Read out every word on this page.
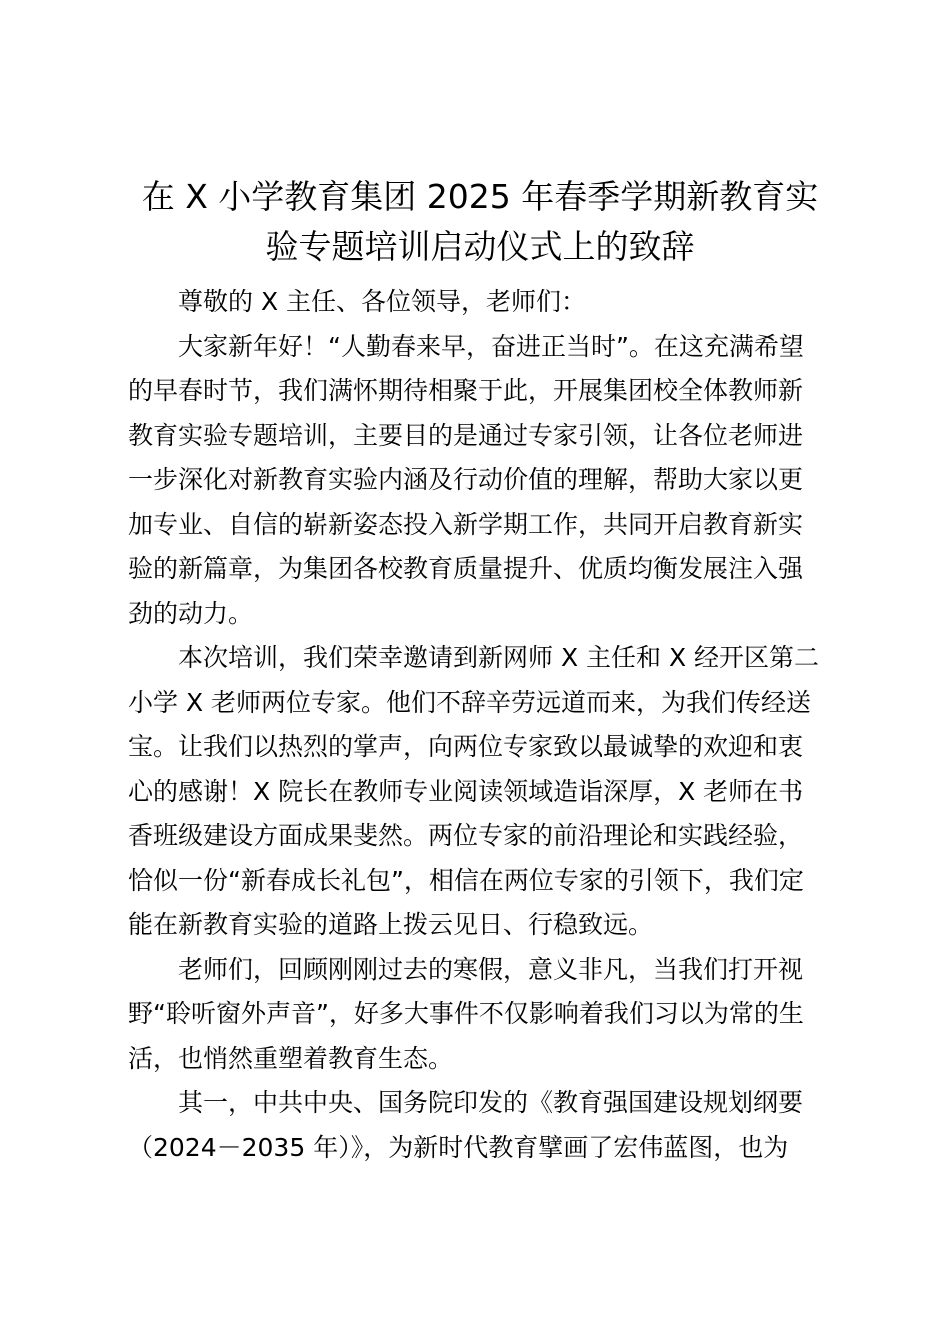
在 X 小学教育集团 2025 年春季学期新教育实
验专题培训启动仪式上的致辞
尊敬的 X 主任、各位领导，老师们：
大家新年好！“人勤春来早，奋进正当时”。在这充满希望
的早春时节，我们满怀期待相聚于此，开展集团校全体教师新
教育实验专题培训，主要目的是通过专家引领，让各位老师进
一步深化对新教育实验内涵及行动价值的理解，帮助大家以更
加专业、自信的崭新姿态投入新学期工作，共同开启教育新实
验的新篇章，为集团各校教育质量提升、优质均衡发展注入强
劲的动力。
本次培训，我们荣幸邀请到新网师 X 主任和 X 经开区第二
小学 X 老师两位专家。他们不辞辛劳远道而来，为我们传经送
宝。让我们以热烈的掌声，向两位专家致以最诚挚的欢迎和衷
心的感谢！X 院长在教师专业阅读领域造诣深厚，X 老师在书
香班级建设方面成果斐然。两位专家的前沿理论和实践经验，
恰似一份“新春成长礼包”，相信在两位专家的引领下，我们定
能在新教育实验的道路上拨云见日、行稳致远。
老师们，回顾刚刚过去的寒假，意义非凡，当我们打开视
野“聆听窗外声音”，好多大事件不仅影响着我们习以为常的生
活，也悄然重塑着教育生态。
其一，中共中央、国务院印发的《教育强国建设规划纲要
（2024－2035 年）》，为新时代教育擘画了宏伟蓝图，也为
